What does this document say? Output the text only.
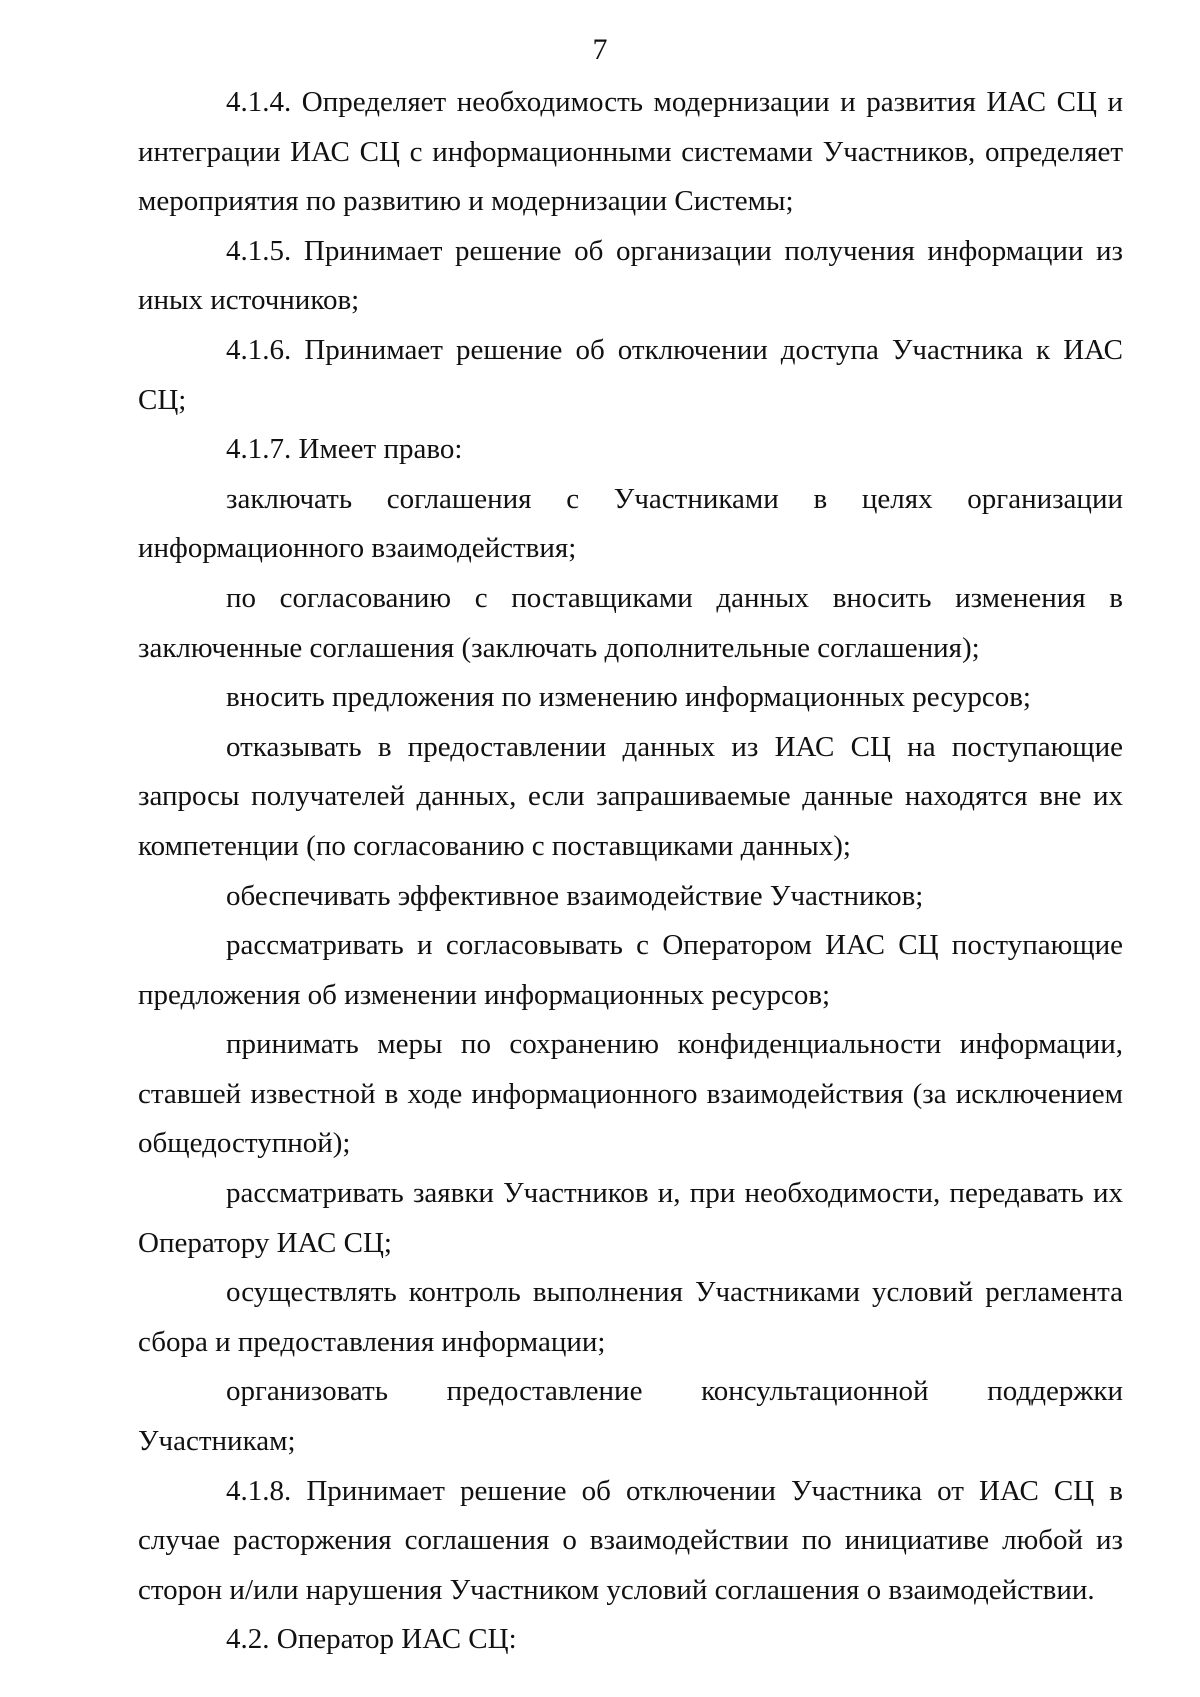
7

4.1.4. Определяет необходимость модернизации и развития ИАС СЦ и интеграции ИАС СЦ с информационными системами Участников, определяет мероприятия по развитию и модернизации Системы;

4.1.5. Принимает решение об организации получения информации из иных источников;

4.1.6. Принимает решение об отключении доступа Участника к ИАС СЦ;

4.1.7. Имеет право:

заключать соглашения с Участниками в целях организации информационного взаимодействия;

по согласованию с поставщиками данных вносить изменения в заключенные соглашения (заключать дополнительные соглашения);

вносить предложения по изменению информационных ресурсов;

отказывать в предоставлении данных из ИАС СЦ на поступающие запросы получателей данных, если запрашиваемые данные находятся вне их компетенции (по согласованию с поставщиками данных);

обеспечивать эффективное взаимодействие Участников;

рассматривать и согласовывать с Оператором ИАС СЦ поступающие предложения об изменении информационных ресурсов;

принимать меры по сохранению конфиденциальности информации, ставшей известной в ходе информационного взаимодействия (за исключением общедоступной);

рассматривать заявки Участников и, при необходимости, передавать их Оператору ИАС СЦ;

осуществлять контроль выполнения Участниками условий регламента сбора и предоставления информации;

организовать предоставление консультационной поддержки Участникам;

4.1.8. Принимает решение об отключении Участника от ИАС СЦ в случае расторжения соглашения о взаимодействии по инициативе любой из сторон и/или нарушения Участником условий соглашения о взаимодействии.

4.2. Оператор ИАС СЦ:
